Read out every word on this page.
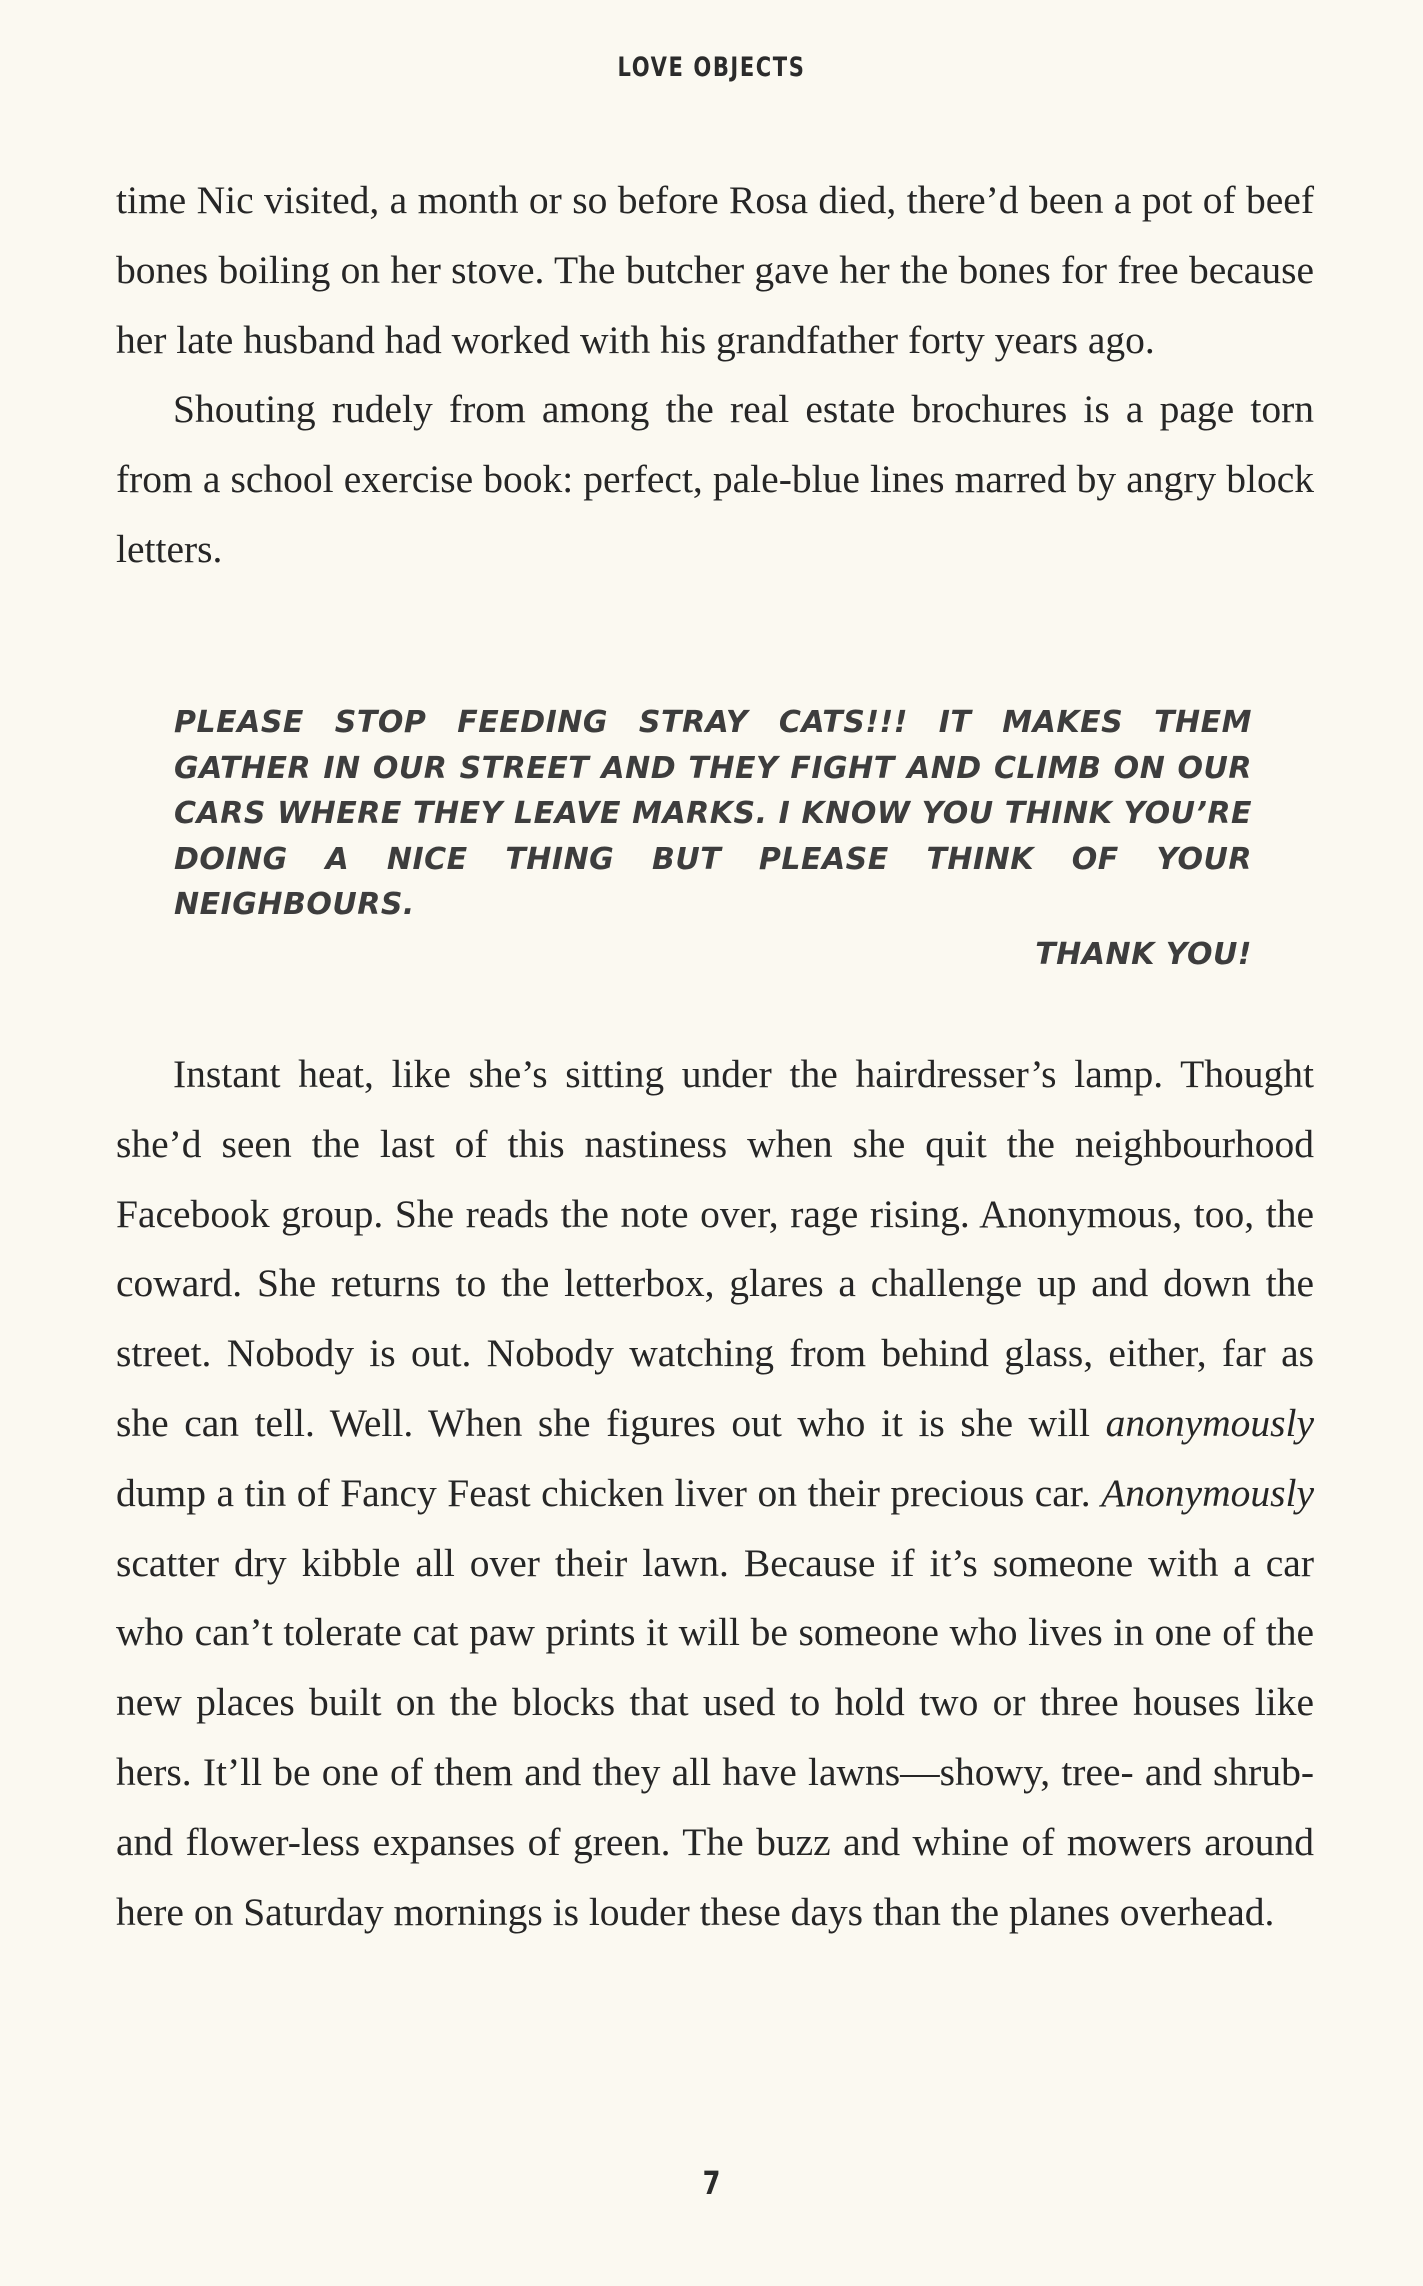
LOVE OBJECTS

time Nic visited, a month or so before Rosa died, there’d been a pot of beef bones boiling on her stove. The butcher gave her the bones for free because her late husband had worked with his grandfather forty years ago.

Shouting rudely from among the real estate brochures is a page torn from a school exercise book: perfect, pale-blue lines marred by angry block letters.

PLEASE STOP FEEDING STRAY CATS!!! IT MAKES THEM GATHER IN OUR STREET AND THEY FIGHT AND CLIMB ON OUR CARS WHERE THEY LEAVE MARKS. I KNOW YOU THINK YOU’RE DOING A NICE THING BUT PLEASE THINK OF YOUR NEIGHBOURS.

THANK YOU!

Instant heat, like she’s sitting under the hairdresser’s lamp. Thought she’d seen the last of this nastiness when she quit the neighbourhood Facebook group. She reads the note over, rage rising. Anonymous, too, the coward. She returns to the letterbox, glares a challenge up and down the street. Nobody is out. Nobody watching from behind glass, either, far as she can tell. Well. When she figures out who it is she will anonymously dump a tin of Fancy Feast chicken liver on their precious car. Anonymously scatter dry kibble all over their lawn. Because if it’s someone with a car who can’t tolerate cat paw prints it will be someone who lives in one of the new places built on the blocks that used to hold two or three houses like hers. It’ll be one of them and they all have lawns—showy, tree- and shrub- and flower-less expanses of green. The buzz and whine of mowers around here on Saturday mornings is louder these days than the planes overhead.

7
